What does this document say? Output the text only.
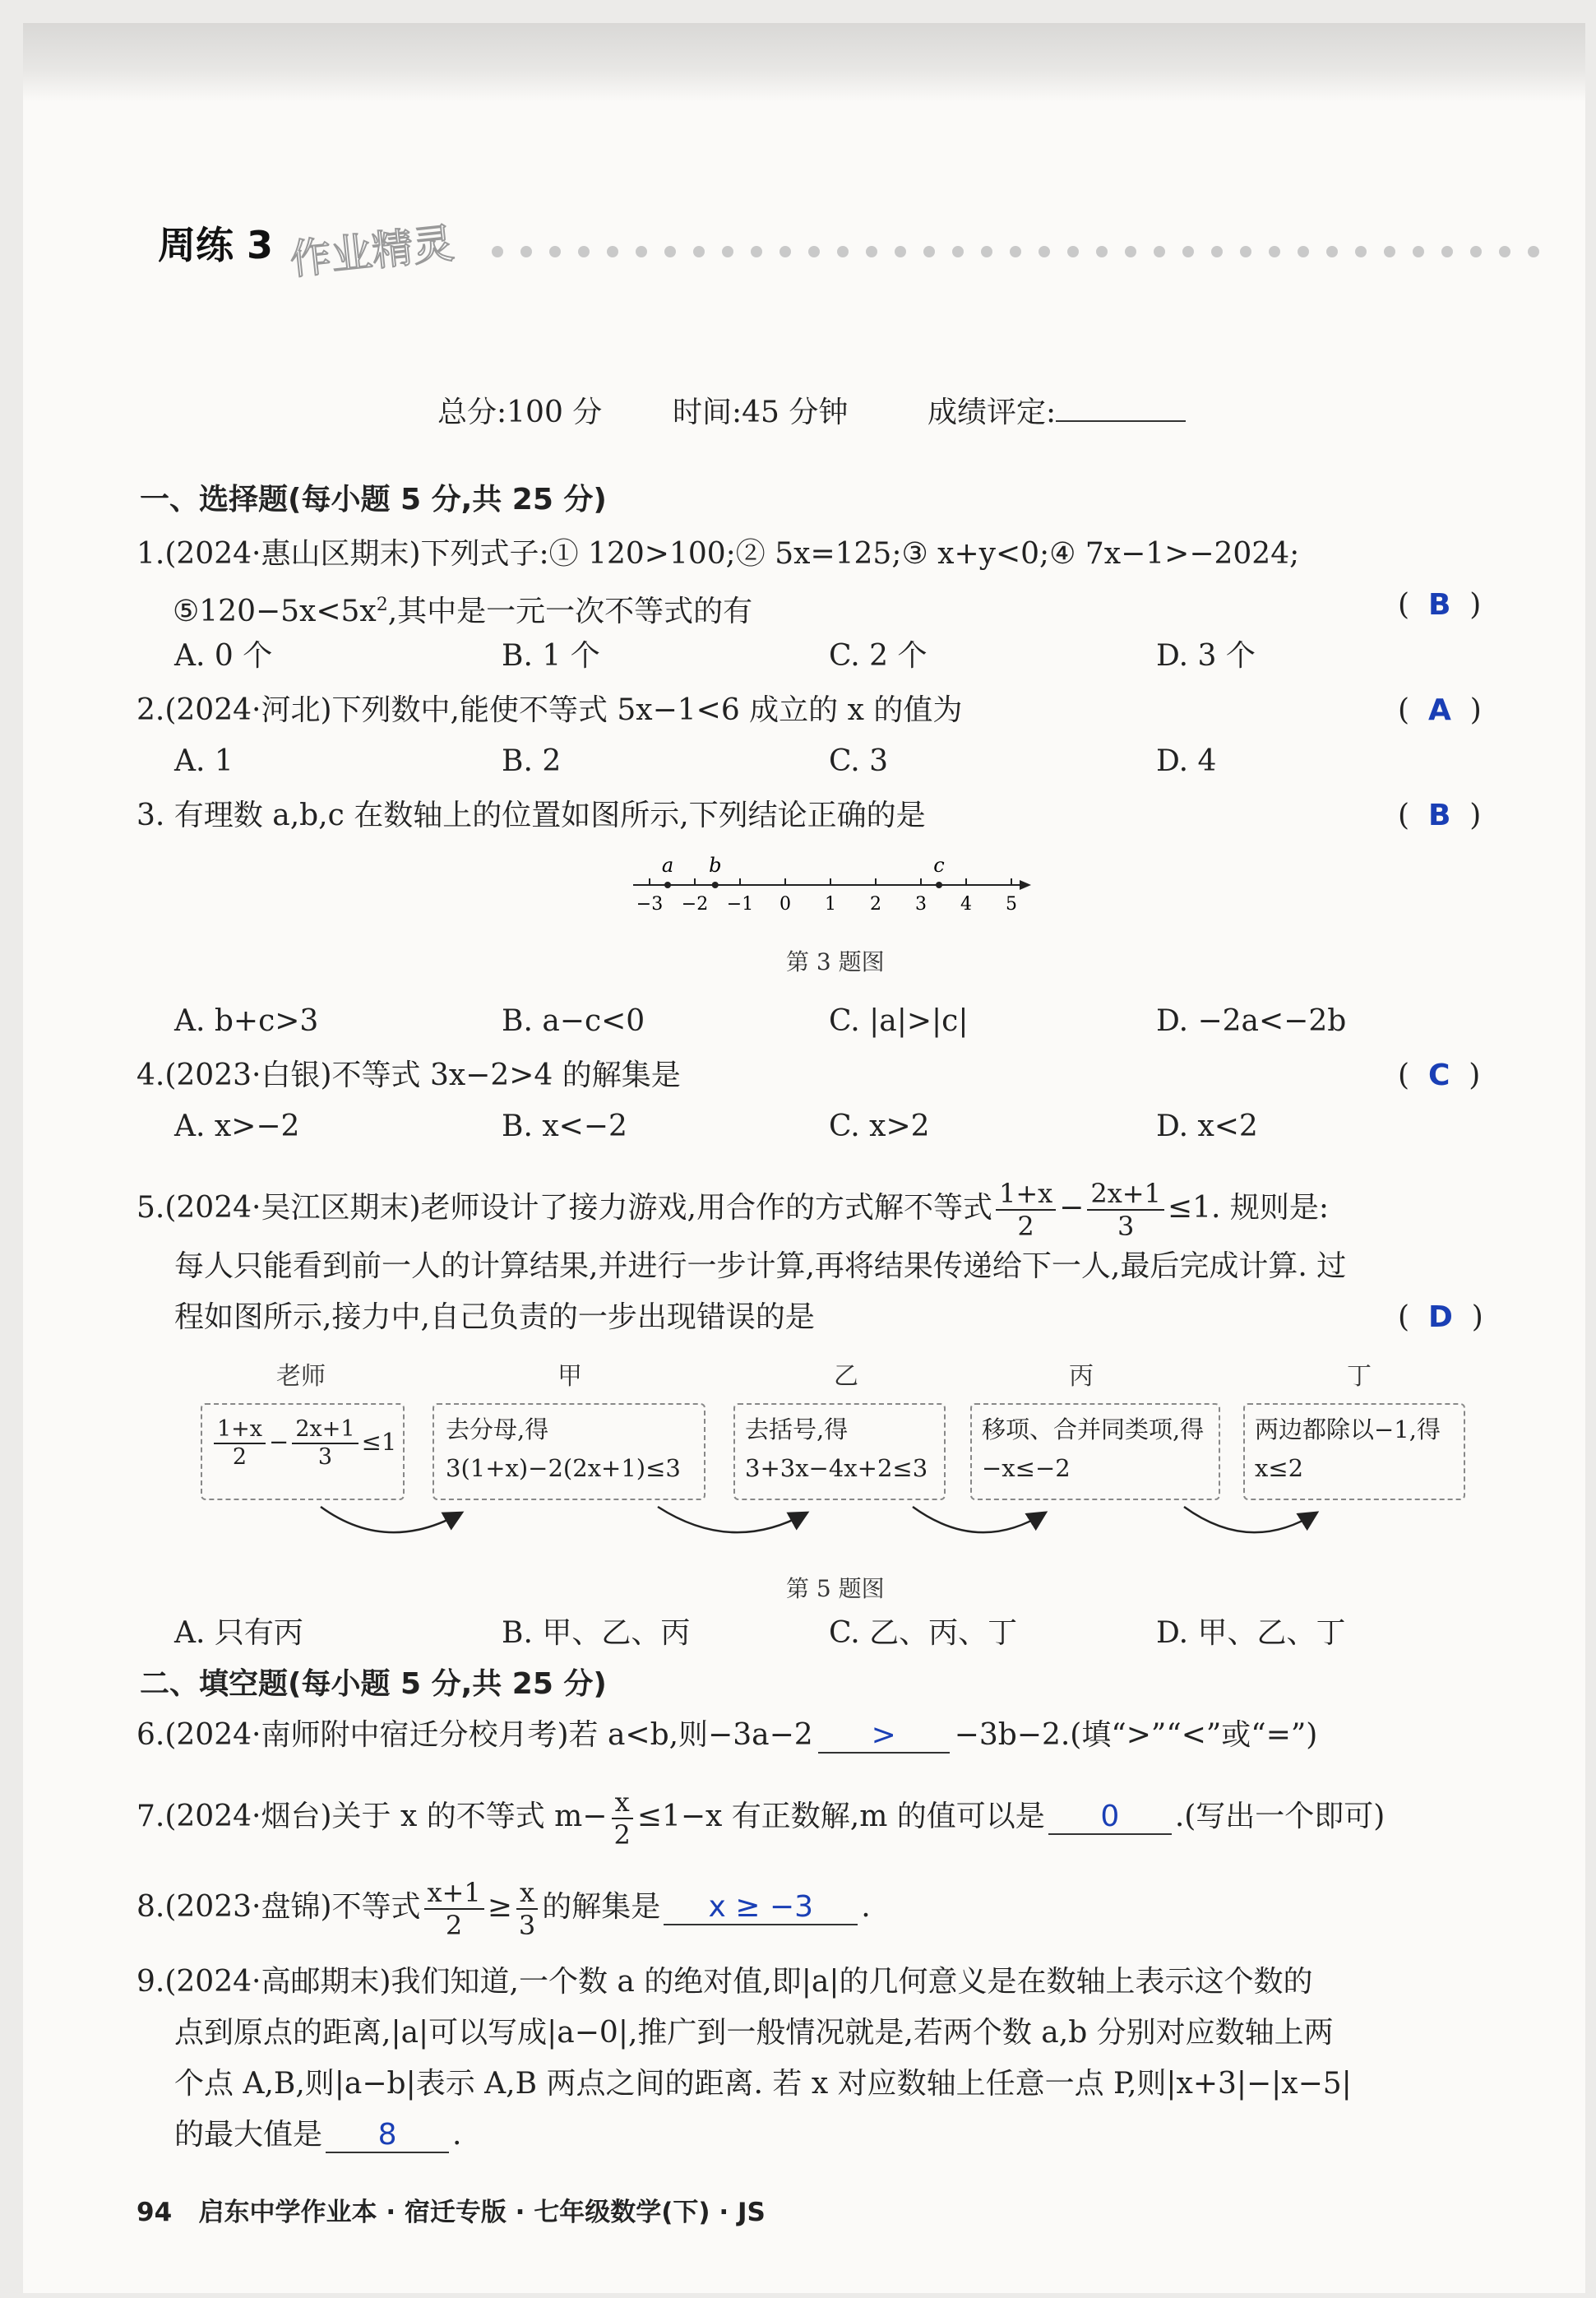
周练 3 作业精灵
总分:100 分 时间:45 分钟	成绩评定:
一、选择题(每小题 5 分,共 25 分)
1.(2024·惠山区期末)下列式子:① 120>100;② 5x=125;③ x+y<0;④ 7x−1>−2024;
$⑤120-5x<5x^2$,其中是一元一次不等式的有	(  B  )
A. 0 个	B. 1 个	C. 2 个	D. 3 个
2.(2024·河北)下列数中,能使不等式 5x−1<6 成立的 x 的值为	(  A  )
A. 1	B. 2	C. 3	D. 4
3. 有理数 a,b,c 在数轴上的位置如图所示,下列结论正确的是	(  B  )
−3 −2 −1 0 1 2 3 4 5
a b	c
第 3 题图
A. b+c>3	B. a−c<0	C. |a|>|c|	D. −2a<−2b
4.(2023·白银)不等式 3x−2>4 的解集是	(  C  )
A. x>−2	B. x<−2	C. x>2	D. x<2
5.(2024·吴江区期末)老师设计了接力游戏,用合作的方式解不等式 $\frac{1+x}{2} - \frac{2x+1}{3} \le 1$. 规则是:
每人只能看到前一人的计算结果,并进行一步计算,再将结果传递给下一人,最后完成计算. 过
程如图所示,接力中,自己负责的一步出现错误的是	(  D  )
老师	甲	乙	丙	丁
$\frac{1+x}{2} - \frac{2x+1}{3} \le 1$ 去分母,得
3(1+x)−2(2x+1)≤3
去括号,得
3+3x−4x+2≤3
移项、合并同类项,得
−x≤−2
两边都除以−1,得
x≤2
第 5 题图
A. 只有丙	B. 甲、乙、丙	C. 乙、丙、丁	D. 甲、乙、丁
二、填空题(每小题 5 分,共 25 分)
6.(2024·南师附中宿迁分校月考)若 a<b,则−3a−2 > −3b−2.(填“>”“<”或“=”)
7.(2024·烟台)关于 x 的不等式 $m- \frac{x}{2} \le 1-x$ 有正数解,m 的值可以是 0 .(写出一个即可)
8.(2023·盘锦)不等式 $\frac{x+1}{2} \ge \frac{x}{3}$ 的解集是 x ≥ −3 .
9.(2024·高邮期末)我们知道,一个数 a 的绝对值,即|a|的几何意义是在数轴上表示这个数的
点到原点的距离,|a|可以写成|a−0|,推广到一般情况就是,若两个数 a,b 分别对应数轴上两
个点 A,B,则|a−b|表示 A,B 两点之间的距离. 若 x 对应数轴上任意一点 P,则|x+3|−|x−5|
的最大值是 8 .
94 启东中学作业本 · 宿迁专版 · 七年级数学(下) · JS
